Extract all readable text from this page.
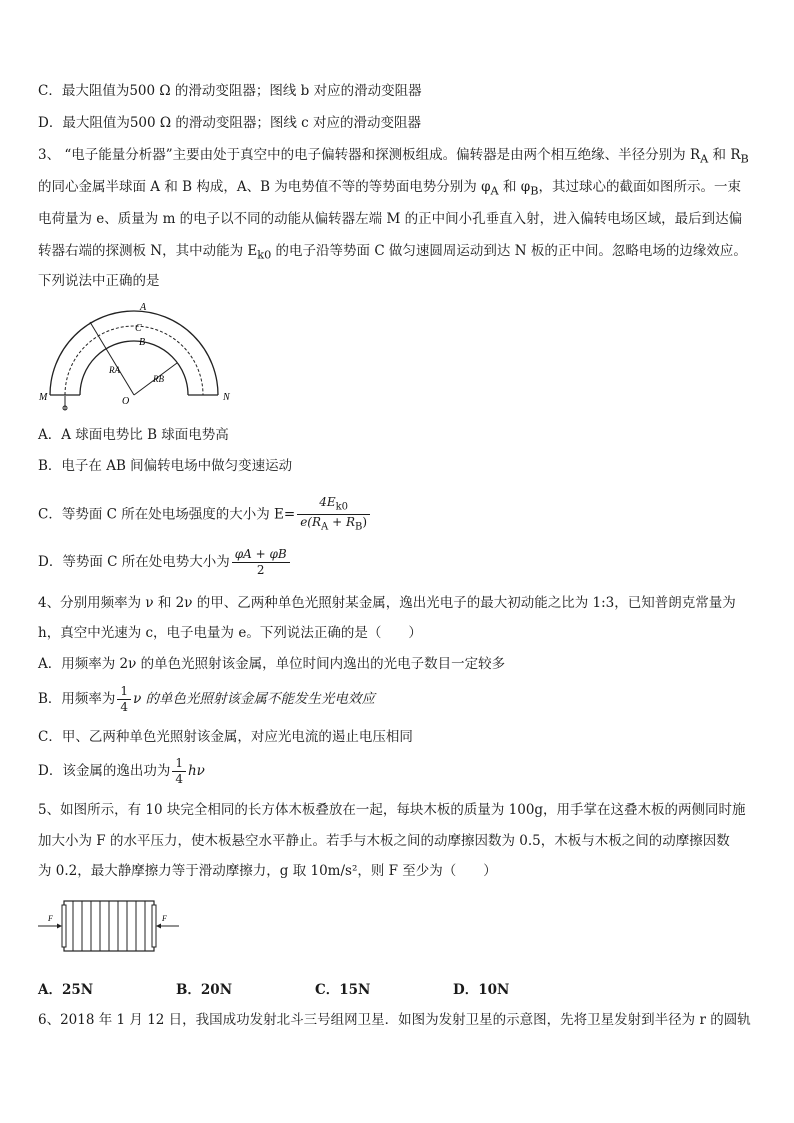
C．最大阻值为500 Ω 的滑动变阻器；图线 b 对应的滑动变阻器
D．最大阻值为500 Ω 的滑动变阻器；图线 c 对应的滑动变阻器
3、 “电子能量分析器”主要由处于真空中的电子偏转器和探测板组成。偏转器是由两个相互绝缘、半径分别为 $R_A$ 和 $R_B$
的同心金属半球面 A 和 B 构成，A、B 为电势值不等的等势面电势分别为 $\varphi_A$ 和 $\varphi_B$，其过球心的截面如图所示。一束
电荷量为 e、质量为 m 的电子以不同的动能从偏转器左端 M 的正中间小孔垂直入射，进入偏转电场区域，最后到达偏
转器右端的探测板 N，其中动能为 $E_{k0}$ 的电子沿等势面 C 做匀速圆周运动到达 N 板的正中间。忽略电场的边缘效应。
下列说法中正确的是
A
B
C
RA
RB
O
M	N
A．A 球面电势比 B 球面电势高
B．电子在 AB 间偏转电场中做匀变速运动
C．等势面 C 所在处电场强度的大小为 $E= \frac{4E_{k0}}{e(R_A + R_B)}$
D．等势面 C 所在处电势大小为 $\frac{\varphi A + \varphi B}{2}$
4、分别用频率为 ν 和 2ν 的甲、乙两种单色光照射某金属，逸出光电子的最大初动能之比为 1:3，已知普朗克常量为
h，真空中光速为 c，电子电量为 e。下列说法正确的是（　　）
A．用频率为 2ν 的单色光照射该金属，单位时间内逸出的光电子数目一定较多
B．用频率为 $\frac{1}{4}$ ν 的单色光照射该金属不能发生光电效应
C．甲、乙两种单色光照射该金属，对应光电流的遏止电压相同
D．该金属的逸出功为 $\frac{1}{4}$ hν
5、如图所示，有 10 块完全相同的长方体木板叠放在一起，每块木板的质量为 100g，用手掌在这叠木板的两侧同时施
加大小为 F 的水平压力，使木板悬空水平静止。若手与木板之间的动摩擦因数为 0.5，木板与木板之间的动摩擦因数
为 0.2，最大静摩擦力等于滑动摩擦力，g 取 10m/s²，则 F 至少为（　　）
F	F
A．25N	B．20N	C．15N	D．10N
6、2018 年 1 月 12 日，我国成功发射北斗三号组网卫星．如图为发射卫星的示意图，先将卫星发射到半径为 r 的圆轨
